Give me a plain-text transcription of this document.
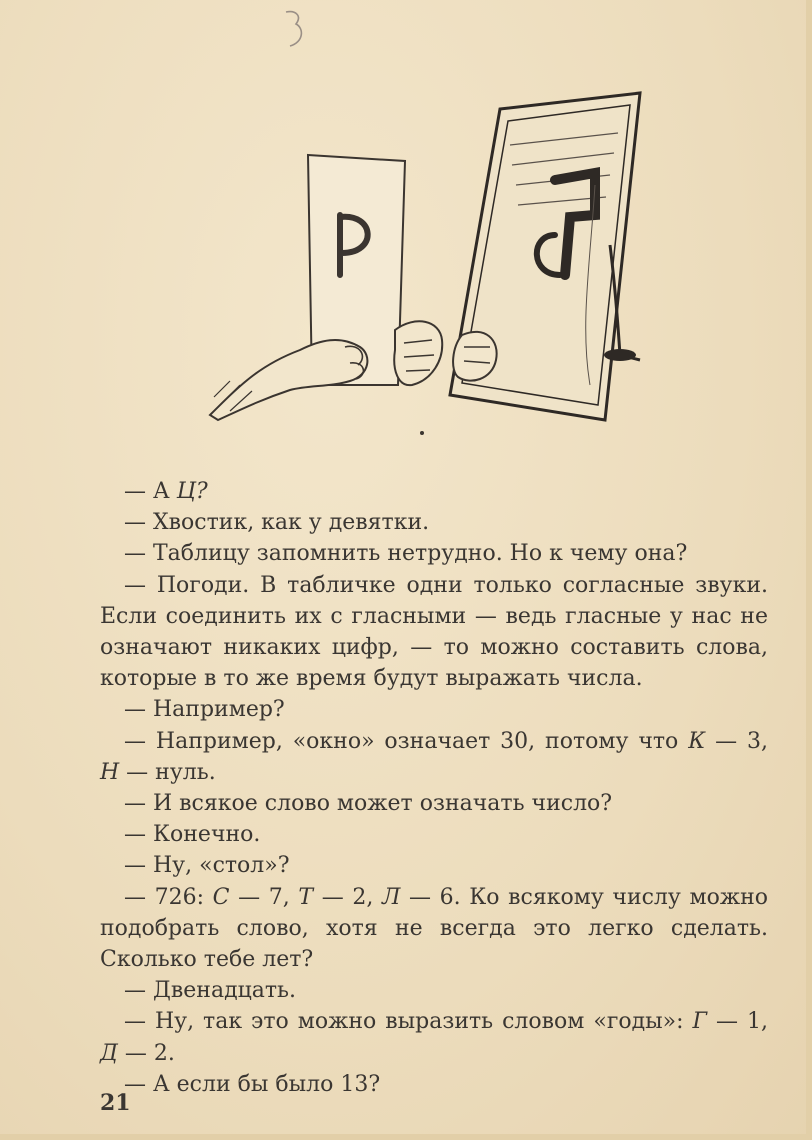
— А Ц?

— Хвостик, как у девятки.

— Таблицу запомнить нетрудно. Но к чему она?

— Погоди. В табличке одни только согласные звуки. Если соединить их с гласными — ведь гласные у нас не означают никаких цифр, — то можно составить слова, которые в то же время будут выражать числа.

— Например?

— Например, «окно» означает 30, потому что К — 3, Н — нуль.

— И всякое слово может означать число?

— Конечно.

— Ну, «стол»?

— 726: С — 7, Т — 2, Л — 6. Ко всякому числу можно подобрать слово, хотя не всегда это легко сделать. Сколько тебе лет?

— Двенадцать.

— Ну, так это можно выразить словом «годы»: Г — 1, Д — 2.

— А если бы было 13?

21
